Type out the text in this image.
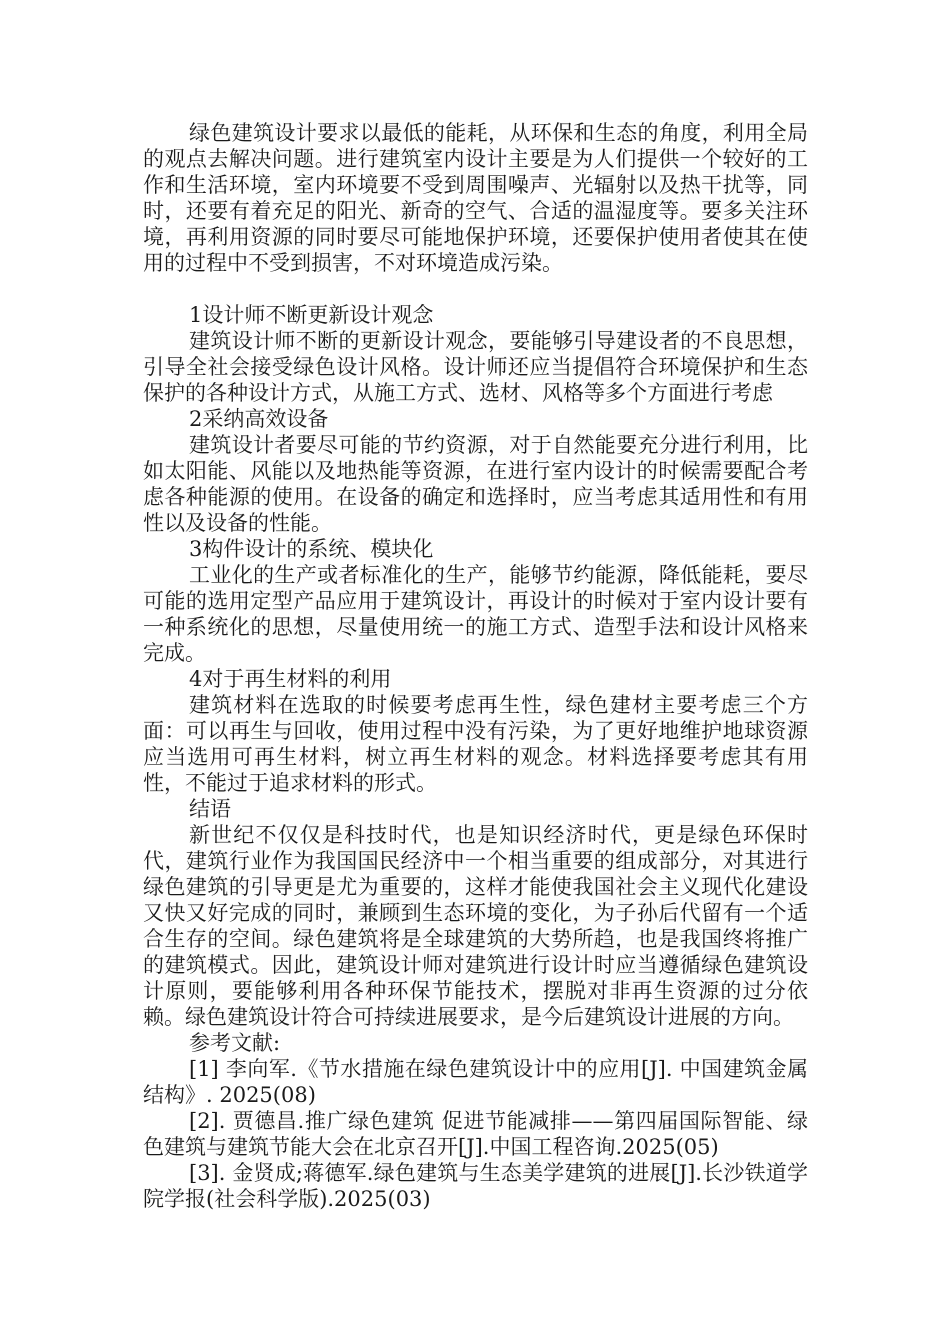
绿色建筑设计要求以最低的能耗，从环保和生态的角度，利用全局的观点去解决问题。进行建筑室内设计主要是为人们提供一个较好的工作和生活环境，室内环境要不受到周围噪声、光辐射以及热干扰等，同时，还要有着充足的阳光、新奇的空气、合适的温湿度等。要多关注环境，再利用资源的同时要尽可能地保护环境，还要保护使用者使其在使用的过程中不受到损害，不对环境造成污染。

1设计师不断更新设计观念

建筑设计师不断的更新设计观念，要能够引导建设者的不良思想，引导全社会接受绿色设计风格。设计师还应当提倡符合环境保护和生态保护的各种设计方式，从施工方式、选材、风格等多个方面进行考虑

2采纳高效设备

建筑设计者要尽可能的节约资源，对于自然能要充分进行利用，比如太阳能、风能以及地热能等资源，在进行室内设计的时候需要配合考虑各种能源的使用。在设备的确定和选择时，应当考虑其适用性和有用性以及设备的性能。

3构件设计的系统、模块化

工业化的生产或者标准化的生产，能够节约能源，降低能耗，要尽可能的选用定型产品应用于建筑设计，再设计的时候对于室内设计要有一种系统化的思想，尽量使用统一的施工方式、造型手法和设计风格来完成。

4对于再生材料的利用

建筑材料在选取的时候要考虑再生性，绿色建材主要考虑三个方面：可以再生与回收，使用过程中没有污染，为了更好地维护地球资源应当选用可再生材料，树立再生材料的观念。材料选择要考虑其有用性，不能过于追求材料的形式。

结语

新世纪不仅仅是科技时代，也是知识经济时代，更是绿色环保时代，建筑行业作为我国国民经济中一个相当重要的组成部分，对其进行绿色建筑的引导更是尤为重要的，这样才能使我国社会主义现代化建设又快又好完成的同时，兼顾到生态环境的变化，为子孙后代留有一个适合生存的空间。绿色建筑将是全球建筑的大势所趋，也是我国终将推广的建筑模式。因此，建筑设计师对建筑进行设计时应当遵循绿色建筑设计原则，要能够利用各种环保节能技术，摆脱对非再生资源的过分依赖。绿色建筑设计符合可持续进展要求，是今后建筑设计进展的方向。

参考文献:

[1] 李向军.《节水措施在绿色建筑设计中的应用[J]. 中国建筑金属结构》. 2025(08)

[2]. 贾德昌.推广绿色建筑 促进节能减排——第四届国际智能、绿色建筑与建筑节能大会在北京召开[J].中国工程咨询.2025(05)

[3]. 金贤成;蒋德军.绿色建筑与生态美学建筑的进展[J].长沙铁道学院学报(社会科学版).2025(03)
